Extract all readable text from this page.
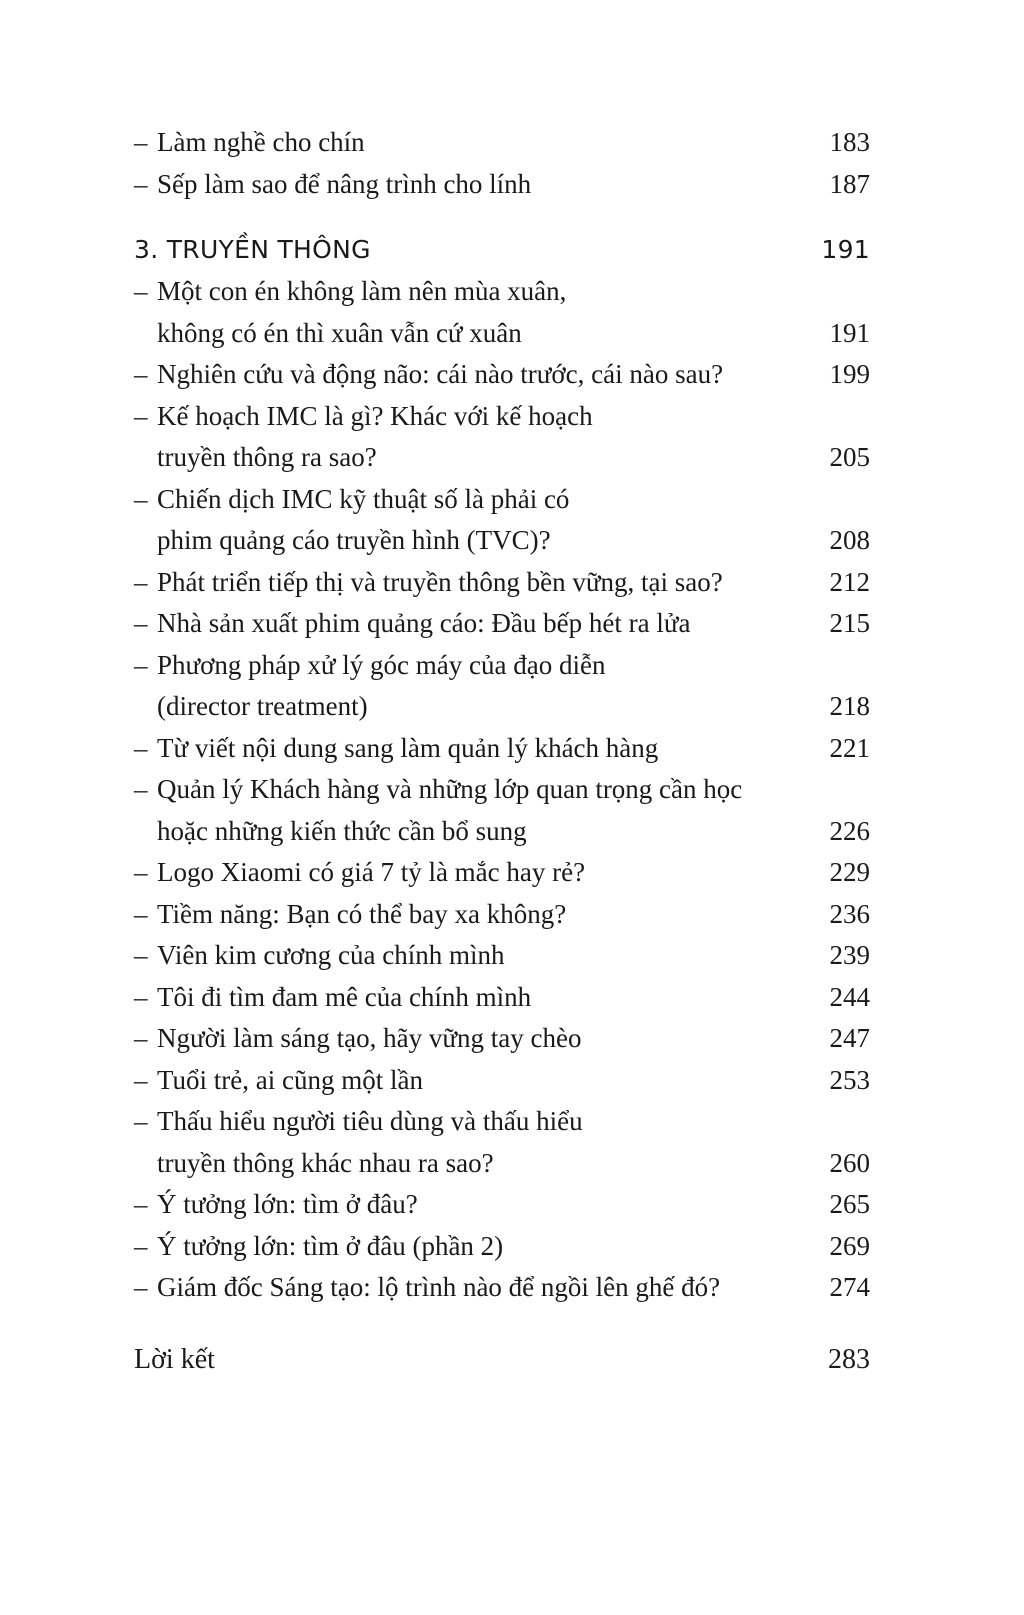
– Làm nghề cho chín	183
– Sếp làm sao để nâng trình cho lính	187
3. TRUYỀN THÔNG	191
– Một con én không làm nên mùa xuân,
không có én thì xuân vẫn cứ xuân	191
– Nghiên cứu và động não: cái nào trước, cái nào sau?	199
– Kế hoạch IMC là gì? Khác với kế hoạch
truyền thông ra sao?	205
– Chiến dịch IMC kỹ thuật số là phải có
phim quảng cáo truyền hình (TVC)?	208
– Phát triển tiếp thị và truyền thông bền vững, tại sao?	212
– Nhà sản xuất phim quảng cáo: Đầu bếp hét ra lửa	215
– Phương pháp xử lý góc máy của đạo diễn
(director treatment)	218
– Từ viết nội dung sang làm quản lý khách hàng	221
– Quản lý Khách hàng và những lớp quan trọng cần học
hoặc những kiến thức cần bổ sung	226
– Logo Xiaomi có giá 7 tỷ là mắc hay rẻ?	229
– Tiềm năng: Bạn có thể bay xa không?	236
– Viên kim cương của chính mình	239
– Tôi đi tìm đam mê của chính mình	244
– Người làm sáng tạo, hãy vững tay chèo	247
– Tuổi trẻ, ai cũng một lần	253
– Thấu hiểu người tiêu dùng và thấu hiểu
truyền thông khác nhau ra sao?	260
– Ý tưởng lớn: tìm ở đâu?	265
– Ý tưởng lớn: tìm ở đâu (phần 2)	269
– Giám đốc Sáng tạo: lộ trình nào để ngồi lên ghế đó?	274
Lời kết	283
